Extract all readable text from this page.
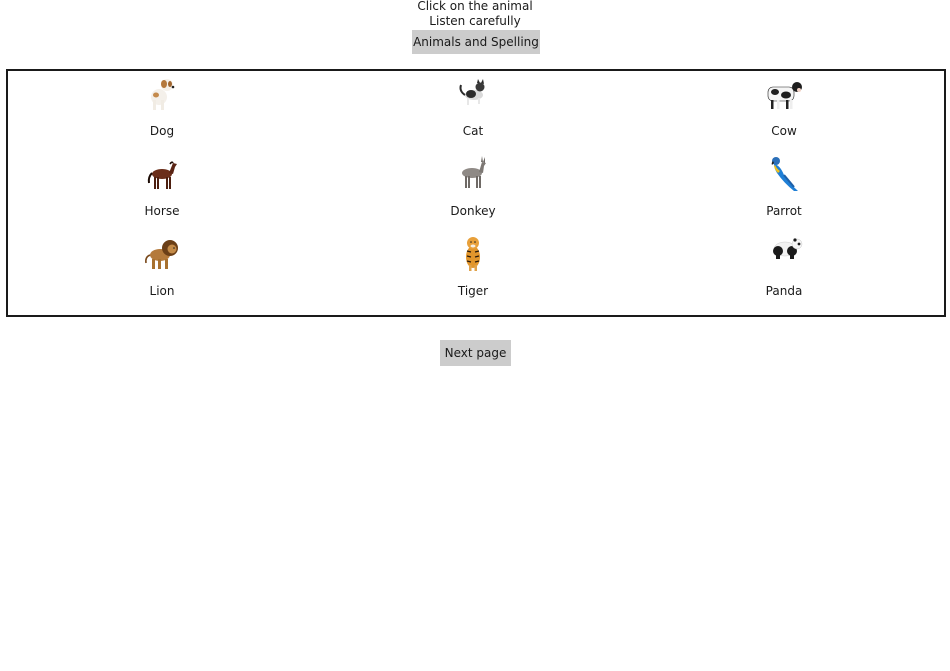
Click on the animal
Listen carefully
Animals and Spelling
Dog	Cat	Cow
Horse	Donkey	Parrot
Lion	Tiger	Panda
Next page
